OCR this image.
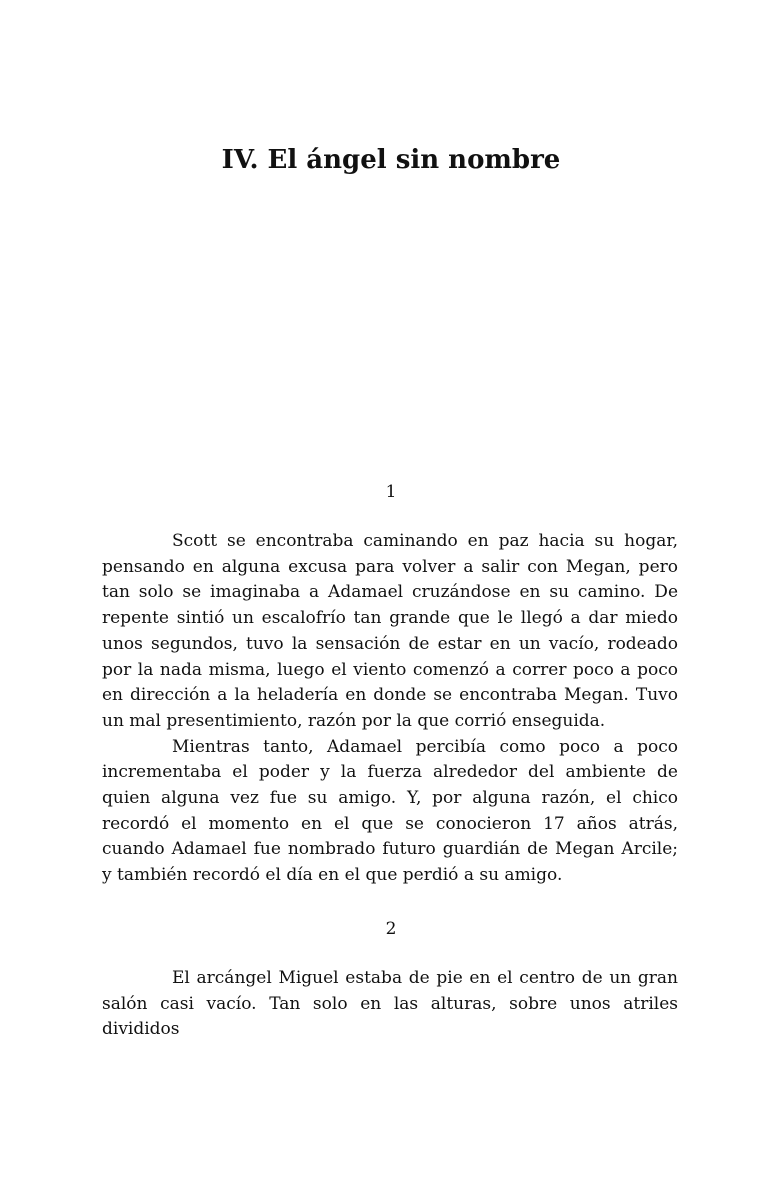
IV. El ángel sin nombre
1

Scott se encontraba caminando en paz hacia su hogar, pensando en alguna excusa para volver a salir con Megan, pero tan solo se imaginaba a Adamael cruzándose en su camino. De repente sintió un escalofrío tan grande que le llegó a dar miedo unos segundos, tuvo la sensación de estar en un vacío, rodeado por la nada misma, luego el viento comenzó a correr poco a poco en dirección a la heladería en donde se encontraba Megan. Tuvo un mal presentimiento, razón por la que corrió enseguida.

Mientras tanto, Adamael percibía como poco a poco incrementaba el poder y la fuerza alrededor del ambiente de quien alguna vez fue su amigo. Y, por alguna razón, el chico recordó el momento en el que se conocieron 17 años atrás, cuando Adamael fue nombrado futuro guardián de Megan Arcile; y también recordó el día en el que perdió a su amigo.

2

El arcángel Miguel estaba de pie en el centro de un gran salón casi vacío. Tan solo en las alturas, sobre unos atriles divididos
